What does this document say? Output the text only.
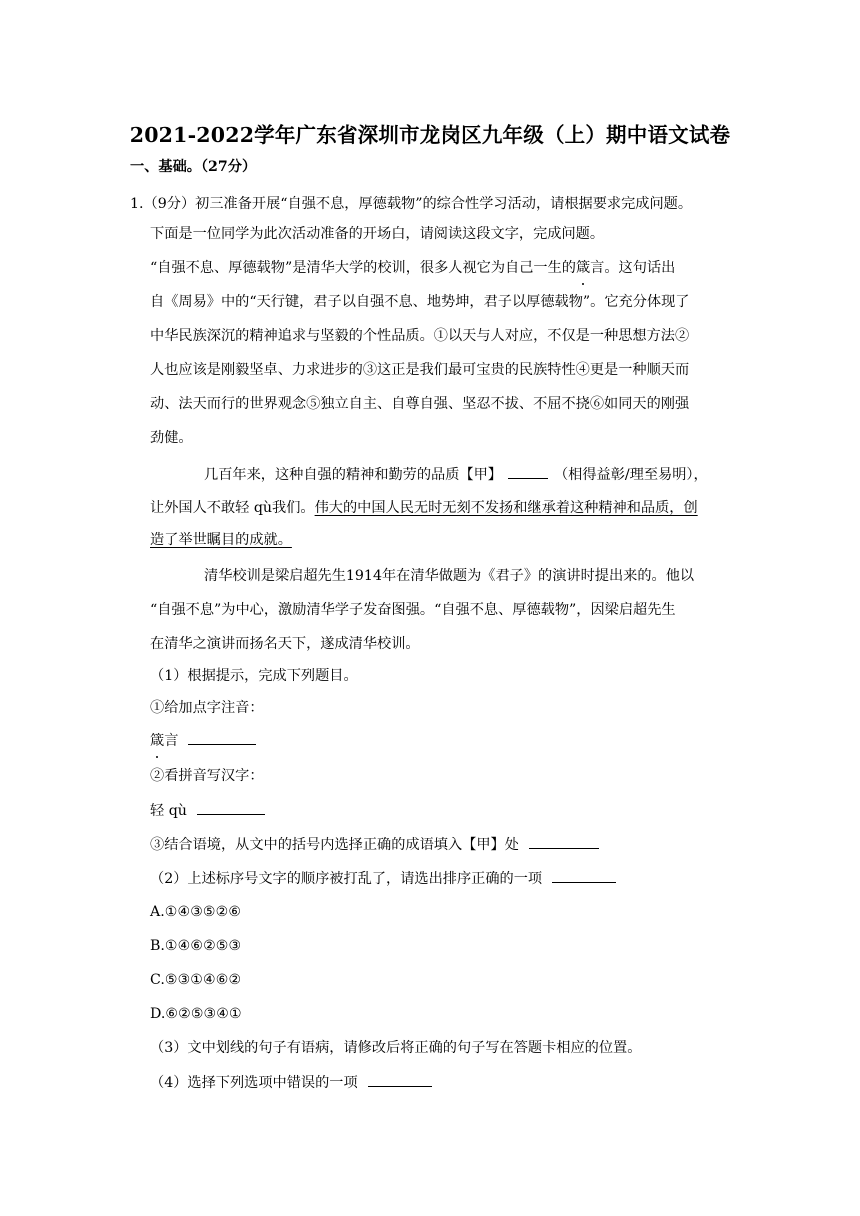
2021-2022学年广东省深圳市龙岗区九年级（上）期中语文试卷
一、基础。（27分）
1.（9分）初三准备开展“自强不息，厚德载物”的综合性学习活动，请根据要求完成问题。
下面是一位同学为此次活动准备的开场白，请阅读这段文字，完成问题。
“自强不息、厚德载物”是清华大学的校训，很多人视它为自己一生的箴言。这句话出
自《周易》中的“天行键，君子以自强不息、地势坤，君子以厚德载物”。它充分体现了
中华民族深沉的精神追求与坚毅的个性品质。①以天与人对应，不仅是一种思想方法②
人也应该是刚毅坚卓、力求进步的③这正是我们最可宝贵的民族特性④更是一种顺天而
动、法天而行的世界观念⑤独立自主、自尊自强、坚忍不拔、不屈不挠⑥如同天的刚强
劲健。
几百年来，这种自强的精神和勤劳的品质【甲】	（相得益彰/理至易明），
让外国人不敢轻 qù我们。伟大的中国人民无时无刻不发扬和继承着这种精神和品质，创
造了举世瞩目的成就。
清华校训是梁启超先生1914年在清华做题为《君子》的演讲时提出来的。他以
“自强不息”为中心，激励清华学子发奋图强。“自强不息、厚德载物”，因梁启超先生
在清华之演讲而扬名天下，遂成清华校训。
（1）根据提示，完成下列题目。
①给加点字注音：
箴言
②看拼音写汉字：
轻 qù
③结合语境，从文中的括号内选择正确的成语填入【甲】处
（2）上述标序号文字的顺序被打乱了，请选出排序正确的一项
A.①④③⑤②⑥
B.①④⑥②⑤③
C.⑤③①④⑥②
D.⑥②⑤③④①
（3）文中划线的句子有语病，请修改后将正确的句子写在答题卡相应的位置。
（4）选择下列选项中错误的一项
